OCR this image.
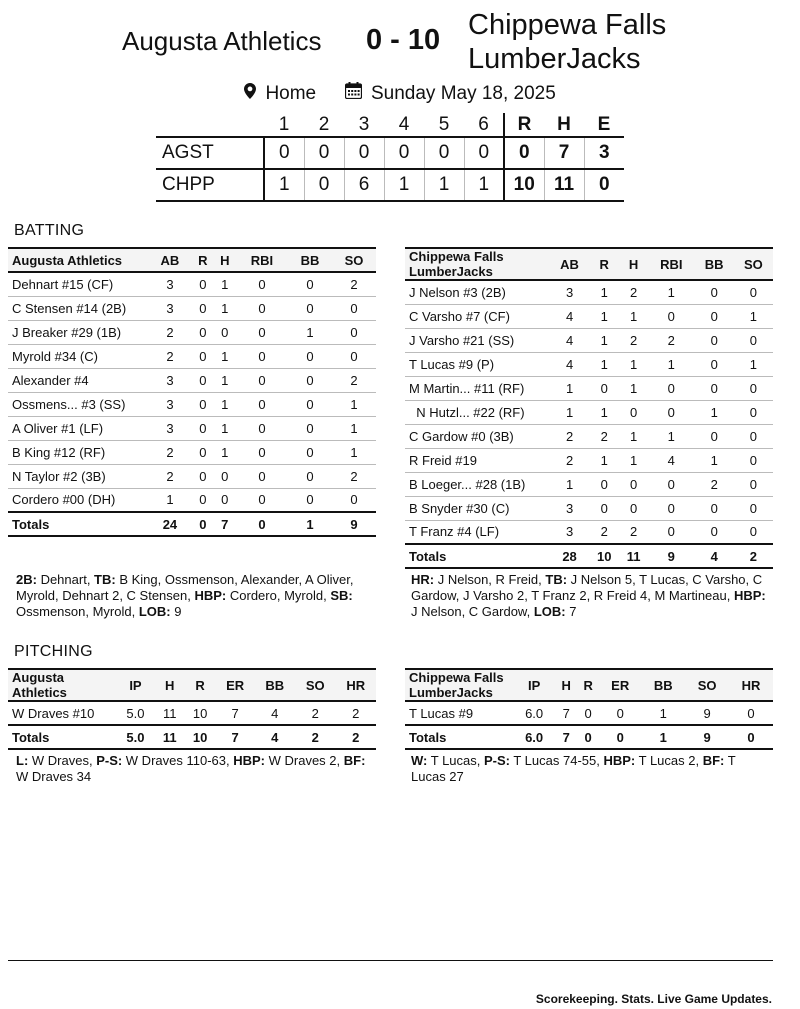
Augusta Athletics 0 - 10 Chippewa Falls
LumberJacks
Home	Sunday May 18, 2025
	1	2	3	4	5	6	R	H	E
AGST	0	0	0	0	0	0	0	7	3
CHPP	1	0	6	1	1	1	10	11	0
BATTING
Augusta Athletics	AB	R	H	RBI	BB	SO
Dehnart #15 (CF)	3	0	1	0	0	2
C Stensen #14 (2B)	3	0	1	0	0	0
J Breaker #29 (1B)	2	0	0	0	1	0
Myrold #34 (C)	2	0	1	0	0	0
Alexander #4	3	0	1	0	0	2
Ossmens... #3 (SS)	3	0	1	0	0	1
A Oliver #1 (LF)	3	0	1	0	0	1
B King #12 (RF)	2	0	1	0	0	1
N Taylor #2 (3B)	2	0	0	0	0	2
Cordero #00 (DH)	1	0	0	0	0	0
Totals	24	0	7	0	1	9
Chippewa Falls LumberJacks	AB	R	H	RBI	BB	SO
J Nelson #3 (2B)	3	1	2	1	0	0
C Varsho #7 (CF)	4	1	1	0	0	1
J Varsho #21 (SS)	4	1	2	2	0	0
T Lucas #9 (P)	4	1	1	1	0	1
M Martin... #11 (RF)	1	0	1	0	0	0
N Hutzl... #22 (RF)	1	1	0	0	1	0
C Gardow #0 (3B)	2	2	1	1	0	0
R Freid #19	2	1	1	4	1	0
B Loeger... #28 (1B)	1	0	0	0	2	0
B Snyder #30 (C)	3	0	0	0	0	0
T Franz #4 (LF)	3	2	2	0	0	0
Totals	28	10	11	9	4	2
2B: Dehnart, TB: B King, Ossmenson, Alexander, A Oliver, Myrold, Dehnart 2, C Stensen, HBP: Cordero, Myrold, SB: Ossmenson, Myrold, LOB: 9
HR: J Nelson, R Freid, TB: J Nelson 5, T Lucas, C Varsho, C Gardow, J Varsho 2, T Franz 2, R Freid 4, M Martineau, HBP: J Nelson, C Gardow, LOB: 7
PITCHING
Augusta Athletics	IP	H	R	ER	BB	SO	HR
W Draves #10	5.0	11	10	7	4	2	2
Totals	5.0	11	10	7	4	2	2
Chippewa Falls LumberJacks	IP	H	R	ER	BB	SO	HR
T Lucas #9	6.0	7	0	0	1	9	0
Totals	6.0	7	0	0	1	9	0
L: W Draves, P-S: W Draves 110-63, HBP: W Draves 2, BF: W Draves 34
W: T Lucas, P-S: T Lucas 74-55, HBP: T Lucas 2, BF: T Lucas 27
Scorekeeping. Stats. Live Game Updates.
